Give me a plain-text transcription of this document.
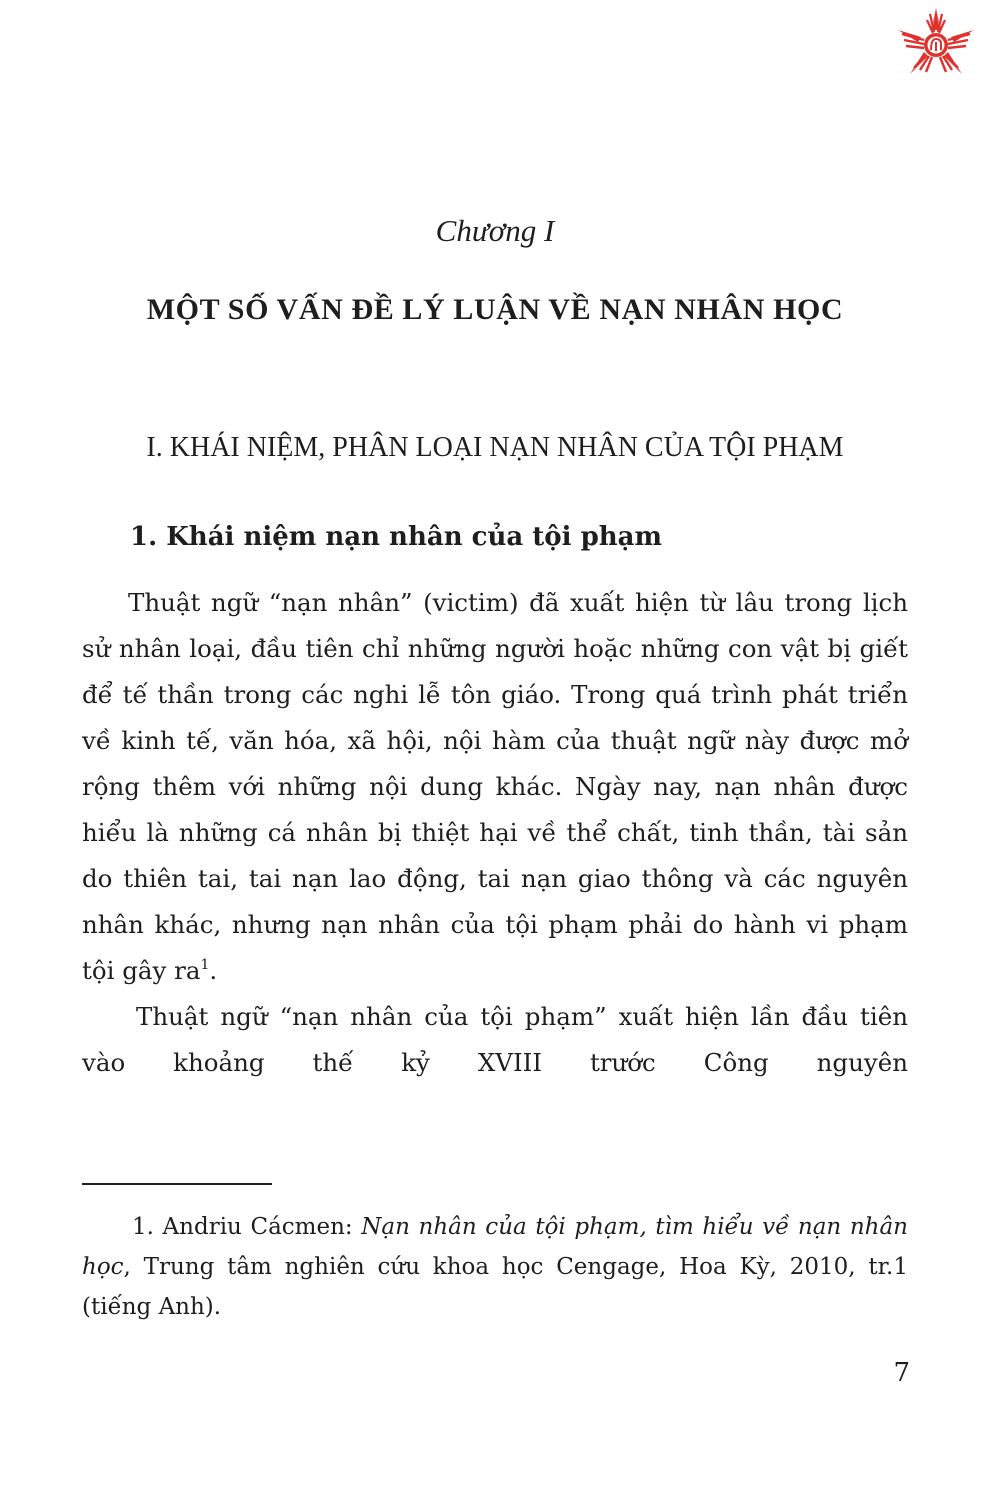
Chương I
MỘT SỐ VẤN ĐỀ LÝ LUẬN VỀ NẠN NHÂN HỌC
I. KHÁI NIỆM, PHÂN LOẠI NẠN NHÂN CỦA TỘI PHẠM
1. Khái niệm nạn nhân của tội phạm

Thuật ngữ “nạn nhân” (victim) đã xuất hiện từ lâu trong lịch sử nhân loại, đầu tiên chỉ những người hoặc những con vật bị giết để tế thần trong các nghi lễ tôn giáo. Trong quá trình phát triển về kinh tế, văn hóa, xã hội, nội hàm của thuật ngữ này được mở rộng thêm với những nội dung khác. Ngày nay, nạn nhân được hiểu là những cá nhân bị thiệt hại về thể chất, tinh thần, tài sản do thiên tai, tai nạn lao động, tai nạn giao thông và các nguyên nhân khác, nhưng nạn nhân của tội phạm phải do hành vi phạm tội gây $ra^1$.

Thuật ngữ “nạn nhân của tội phạm” xuất hiện lần đầu tiên vào khoảng thế kỷ XVIII trước Công nguyên

1. Andriu Cácmen: Nạn nhân của tội phạm, tìm hiểu về nạn nhân học, Trung tâm nghiên cứu khoa học Cengage, Hoa Kỳ, 2010, tr.1 (tiếng Anh).

7
